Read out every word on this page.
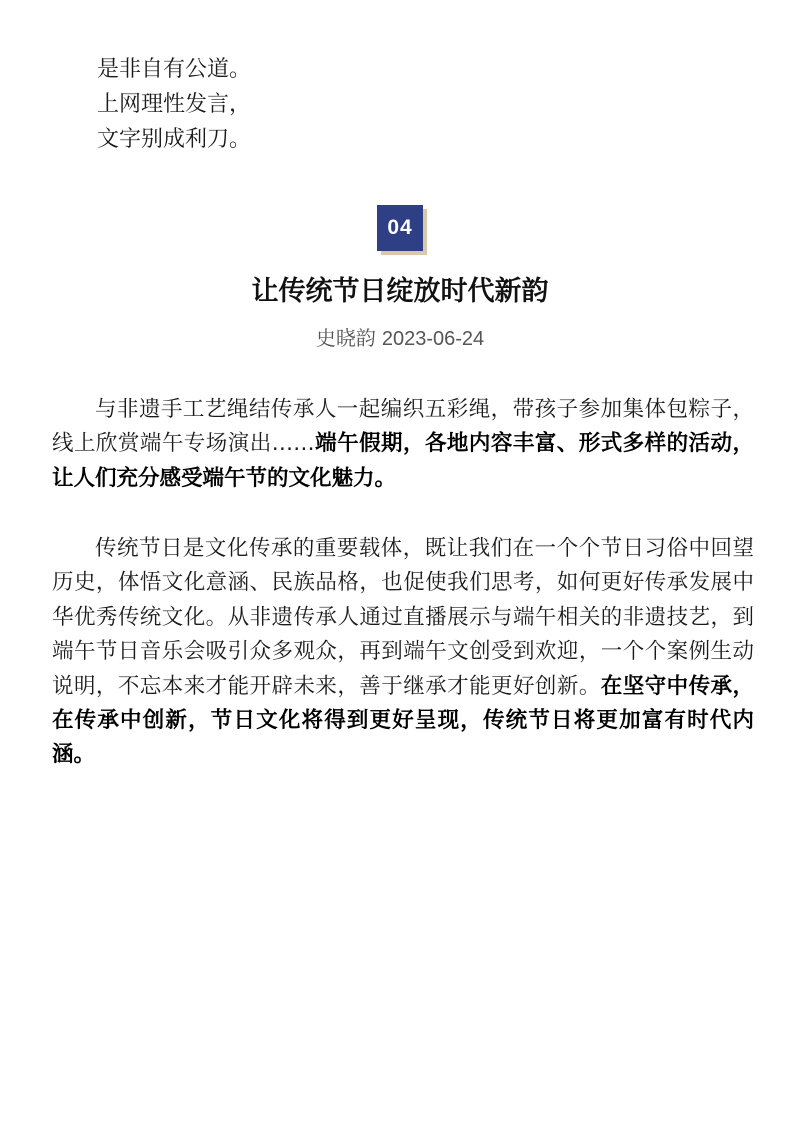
是非自有公道。
上网理性发言，
文字别成利刀。
04
让传统节日绽放时代新韵
史晓韵 2023-06-24

与非遗手工艺绳结传承人一起编织五彩绳，带孩子参加集体包粽子，线上欣赏端午专场演出……端午假期，各地内容丰富、形式多样的活动，让人们充分感受端午节的文化魅力。

传统节日是文化传承的重要载体，既让我们在一个个节日习俗中回望历史，体悟文化意涵、民族品格，也促使我们思考，如何更好传承发展中华优秀传统文化。从非遗传承人通过直播展示与端午相关的非遗技艺，到端午节日音乐会吸引众多观众，再到端午文创受到欢迎，一个个案例生动说明，不忘本来才能开辟未来，善于继承才能更好创新。在坚守中传承，在传承中创新，节日文化将得到更好呈现，传统节日将更加富有时代内涵。
